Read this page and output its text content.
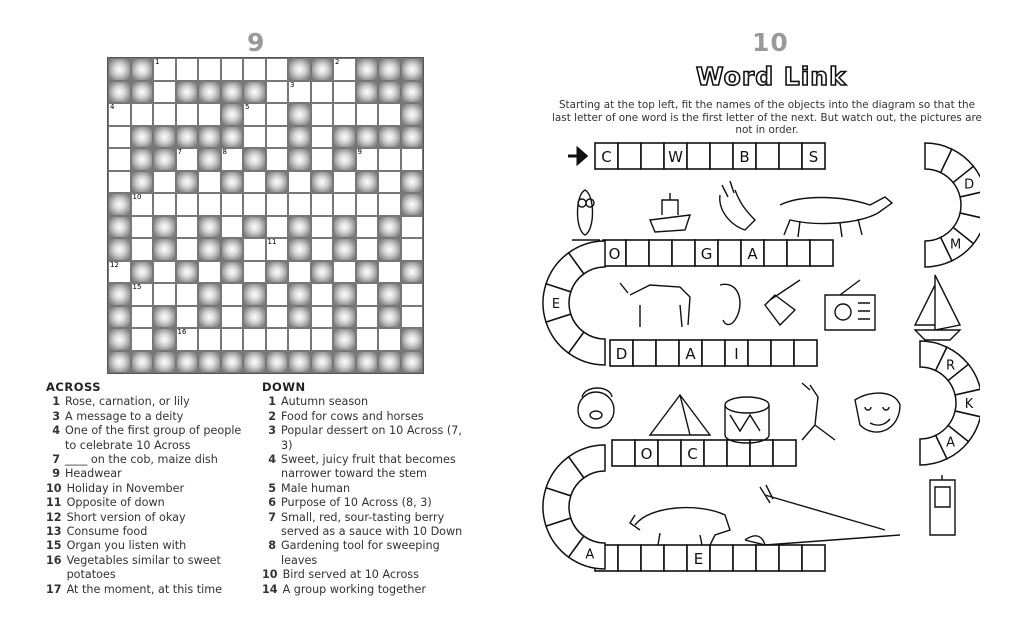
9	10
1	2
3
4	5
7	8	9
10
11
12
15
16
ACROSS
1 Rose, carnation, or lily
3 A message to a deity
4 One of the first group of people to celebrate 10 Across
7 ____ on the cob, maize dish
9 Headwear
10 Holiday in November
11 Opposite of down
12 Short version of okay
13 Consume food
15 Organ you listen with
16 Vegetables similar to sweet potatoes
17 At the moment, at this time
DOWN
1 Autumn season
2 Food for cows and horses
3 Popular dessert on 10 Across (7, 3)
4 Sweet, juicy fruit that becomes narrower toward the stem
5 Male human
6 Purpose of 10 Across (8, 3)
7 Small, red, sour-tasting berry served as a sauce with 10 Down
8 Gardening tool for sweeping leaves
10 Bird served at 10 Across
14 A group working together
Word Link
Starting at the top left, fit the names of the objects into the diagram so that the last letter of one word is the first letter of the next. But watch out, the pictures are not in order.
C	W	B	S
O	G A
D	A	I
O C
E
D
M
E
R
K
A
A
